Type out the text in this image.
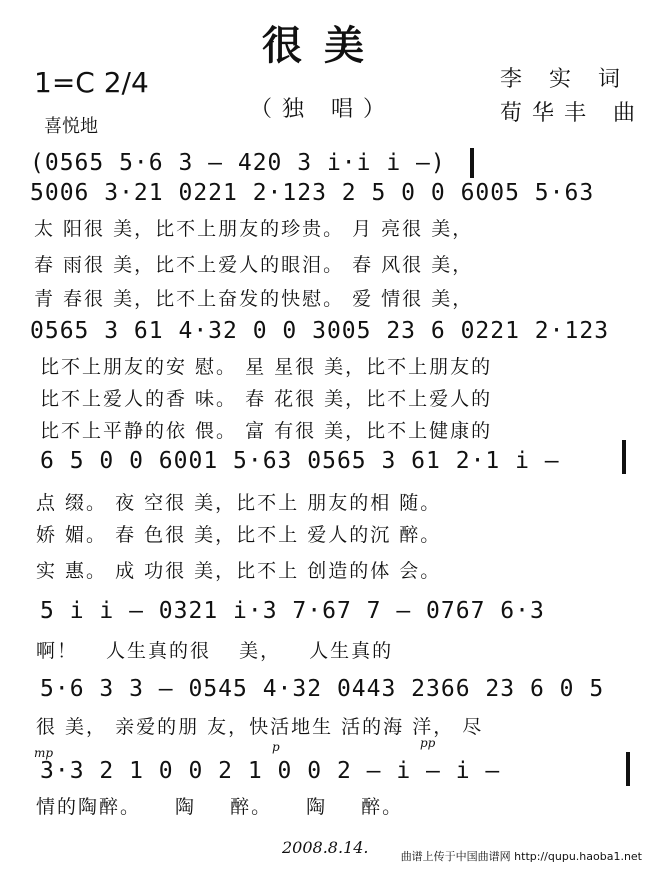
很美
（独 唱）
1=C 2/4
喜悦地
李 实 词
荀华丰 曲
(0565 5·6 3 — 420 3 i·i i —)
5006 3·21 0221 2·123 2 5 0 0 6005 5·63
太 阳很 美，比不上朋友的珍贵。 月 亮很 美，
春 雨很 美，比不上爱人的眼泪。 春 风很 美，
青 春很 美，比不上奋发的快慰。 爱 情很 美，
0565 3 61 4·32 0 0 3005 23 6 0221 2·123
比不上朋友的安 慰。 星 星很 美，比不上朋友的
比不上爱人的香 味。 春 花很 美，比不上爱人的
比不上平静的依 偎。 富 有很 美，比不上健康的
6 5 0 0 6001 5·63 0565 3 61 2·1 i —
点 缀。 夜 空很 美，比不上 朋友的相 随。
娇 媚。 春 色很 美，比不上 爱人的沉 醉。
实 惠。 成 功很 美，比不上 创造的体 会。
5 i i — 0321 i·3 7·67 7 — 0767 6·3
啊！ 人生真的很 美， 人生真的
5·6 3 3 — 0545 4·32 0443 2366 23 6 0 5
很 美， 亲爱的朋 友，快活地生 活的海 洋， 尽
mp	p	pp
3·3 2 1 0 0 2 1 0 0 2 — i — i —
情的陶醉。 陶 醉。 陶 醉。
2008.8.14.	曲谱上传于中国曲谱网 http://qupu.haoba1.net
